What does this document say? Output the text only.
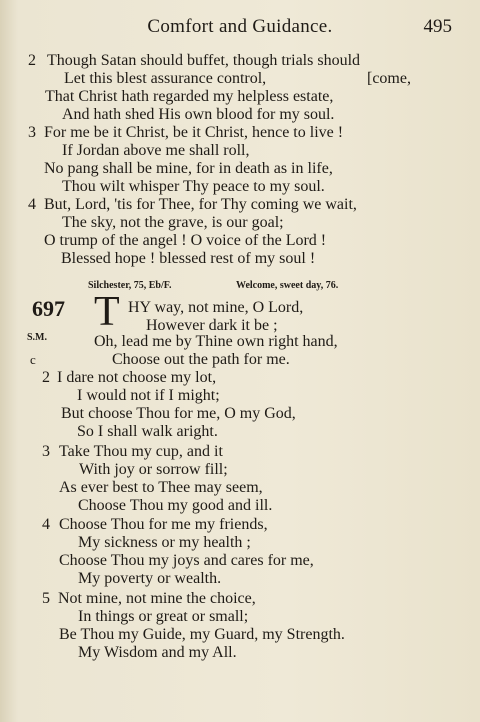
Comfort and Guidance.	495
2 Though Satan should buffet, though trials should
Let this blest assurance control,	[come,
That Christ hath regarded my helpless estate,
And hath shed His own blood for my soul.
3 For me be it Christ, be it Christ, hence to live !
If Jordan above me shall roll,
No pang shall be mine, for in death as in life,
Thou wilt whisper Thy peace to my soul.
4 But, Lord, 'tis for Thee, for Thy coming we wait,
The sky, not the grave, is our goal;
O trump of the angel ! O voice of the Lord !
Blessed hope ! blessed rest of my soul !
Silchester, 75, Eb/F.	Welcome, sweet day, 76.
697 T HY way, not mine, O Lord,
However dark it be ;
S.M.	Oh, lead me by Thine own right hand,
c	Choose out the path for me.
2 I dare not choose my lot,
I would not if I might;
But choose Thou for me, O my God,
So I shall walk aright.
3 Take Thou my cup, and it
With joy or sorrow fill;
As ever best to Thee may seem,
Choose Thou my good and ill.
4 Choose Thou for me my friends,
My sickness or my health ;
Choose Thou my joys and cares for me,
My poverty or wealth.
5 Not mine, not mine the choice,
In things or great or small;
Be Thou my Guide, my Guard, my Strength.
My Wisdom and my All.
